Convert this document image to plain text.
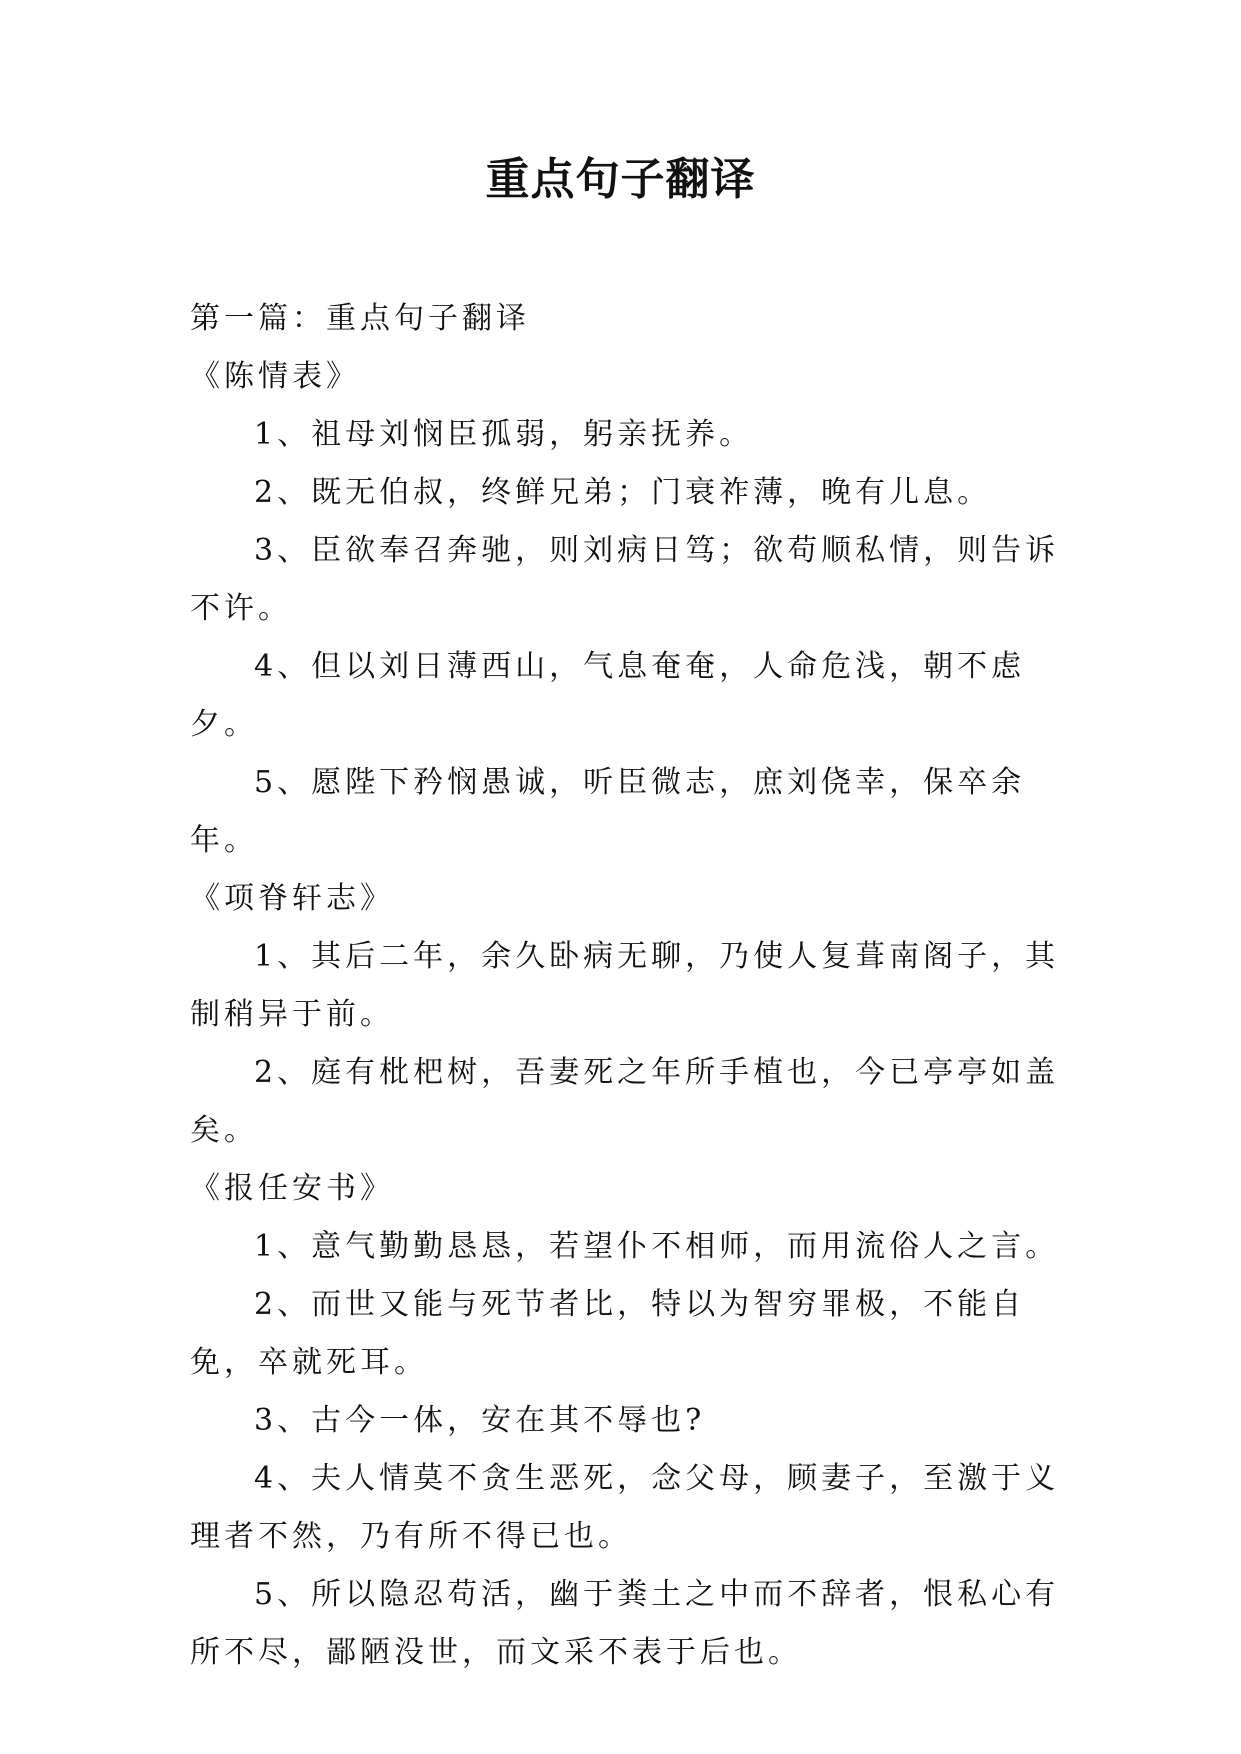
重点句子翻译

第一篇：重点句子翻译

《陈情表》

1、祖母刘悯臣孤弱，躬亲抚养。

2、既无伯叔，终鲜兄弟；门衰祚薄，晚有儿息。

3、臣欲奉召奔驰，则刘病日笃；欲苟顺私情，则告诉不许。

4、但以刘日薄西山，气息奄奄，人命危浅，朝不虑夕。

5、愿陛下矜悯愚诚，听臣微志，庶刘侥幸，保卒余年。

《项脊轩志》

1、其后二年，余久卧病无聊，乃使人复葺南阁子，其制稍异于前。

2、庭有枇杷树，吾妻死之年所手植也，今已亭亭如盖矣。

《报任安书》

1、意气勤勤恳恳，若望仆不相师，而用流俗人之言。

2、而世又能与死节者比，特以为智穷罪极，不能自免，卒就死耳。

3、古今一体，安在其不辱也?

4、夫人情莫不贪生恶死，念父母，顾妻子，至激于义理者不然，乃有所不得已也。

5、所以隐忍苟活，幽于粪土之中而不辞者，恨私心有所不尽，鄙陋没世，而文采不表于后也。
